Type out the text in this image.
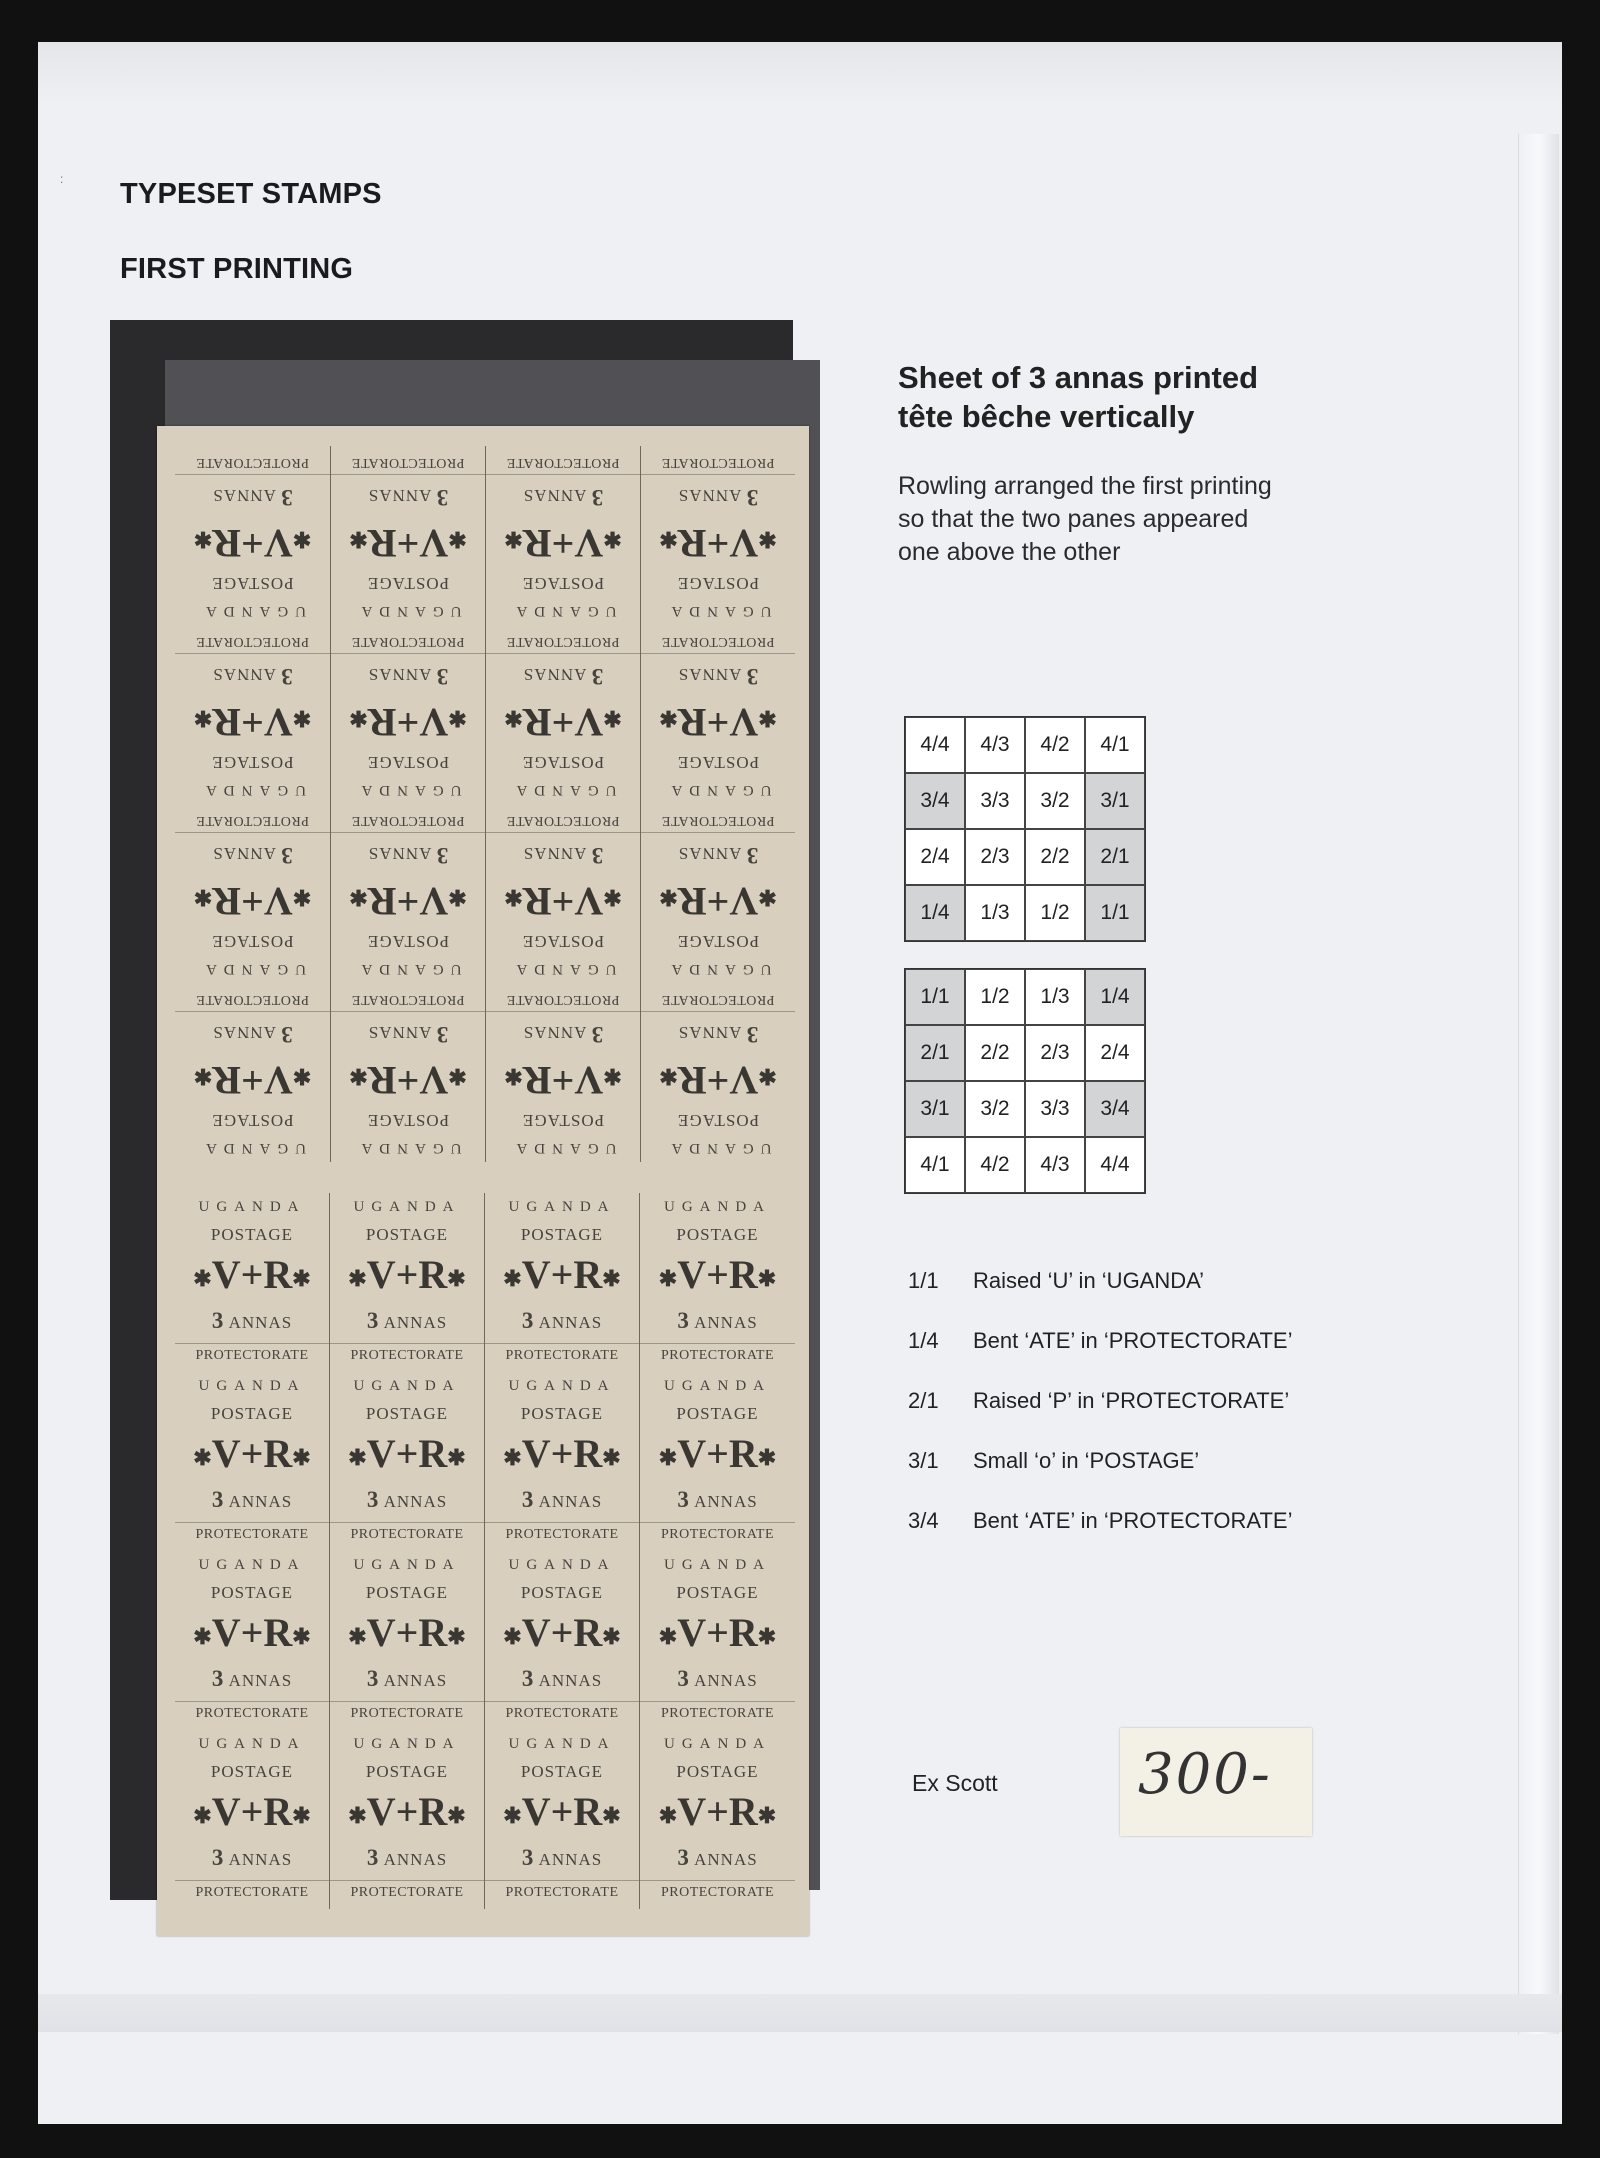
: TYPESET STAMPS
FIRST PRINTING
UGANDA
POSTAGE
✱V+R✱
3 ANNAS
PROTECTORATE
UGANDA
POSTAGE
✱V+R✱
3 ANNAS
PROTECTORATE
UGANDA
POSTAGE
✱V+R✱
3 ANNAS
PROTECTORATE
UGANDA
POSTAGE
✱V+R✱
3 ANNAS
PROTECTORATE
UGANDA
POSTAGE
✱V+R✱
3 ANNAS
PROTECTORATE
UGANDA
POSTAGE
✱V+R✱
3 ANNAS
PROTECTORATE
UGANDA
POSTAGE
✱V+R✱
3 ANNAS
PROTECTORATE
UGANDA
POSTAGE
✱V+R✱
3 ANNAS
PROTECTORATE
UGANDA
POSTAGE
✱V+R✱
3 ANNAS
PROTECTORATE
UGANDA
POSTAGE
✱V+R✱
3 ANNAS
PROTECTORATE
UGANDA
POSTAGE
✱V+R✱
3 ANNAS
PROTECTORATE
UGANDA
POSTAGE
✱V+R✱
3 ANNAS
PROTECTORATE
UGANDA
POSTAGE
✱V+R✱
3 ANNAS
PROTECTORATE
UGANDA
POSTAGE
✱V+R✱
3 ANNAS
PROTECTORATE
UGANDA
POSTAGE
✱V+R✱
3 ANNAS
PROTECTORATE
UGANDA
POSTAGE
✱V+R✱
3 ANNAS
PROTECTORATE
UGANDA
POSTAGE
✱V+R✱
3 ANNAS
PROTECTORATE
UGANDA
POSTAGE
✱V+R✱
3 ANNAS
PROTECTORATE
UGANDA
POSTAGE
✱V+R✱
3 ANNAS
PROTECTORATE
UGANDA
POSTAGE
✱V+R✱
3 ANNAS
PROTECTORATE
UGANDA
POSTAGE
✱V+R✱
3 ANNAS
PROTECTORATE
UGANDA
POSTAGE
✱V+R✱
3 ANNAS
PROTECTORATE
UGANDA
POSTAGE
✱V+R✱
3 ANNAS
PROTECTORATE
UGANDA
POSTAGE
✱V+R✱
3 ANNAS
PROTECTORATE
UGANDA
POSTAGE
✱V+R✱
3 ANNAS
PROTECTORATE
UGANDA
POSTAGE
✱V+R✱
3 ANNAS
PROTECTORATE
UGANDA
POSTAGE
✱V+R✱
3 ANNAS
PROTECTORATE
UGANDA
POSTAGE
✱V+R✱
3 ANNAS
PROTECTORATE
UGANDA
POSTAGE
✱V+R✱
3 ANNAS
PROTECTORATE
UGANDA
POSTAGE
✱V+R✱
3 ANNAS
PROTECTORATE
UGANDA
POSTAGE
✱V+R✱
3 ANNAS
PROTECTORATE
UGANDA
POSTAGE
✱V+R✱
3 ANNAS
PROTECTORATE
Sheet of 3 annas printed
tête bêche vertically
Rowling arranged the first printing
so that the two panes appeared
one above the other
4/4	4/3	4/2	4/1
3/4	3/3	3/2	3/1
2/4	2/3	2/2	2/1
1/4	1/3	1/2	1/1
1/1	1/2	1/3	1/4
2/1	2/2	2/3	2/4
3/1	3/2	3/3	3/4
4/1	4/2	4/3	4/4
1/1	Raised ‘U’ in ‘UGANDA’
1/4	Bent ‘ATE’ in ‘PROTECTORATE’
2/1	Raised ‘P’ in ‘PROTECTORATE’
3/1	Small ‘o’ in ‘POSTAGE’
3/4	Bent ‘ATE’ in ‘PROTECTORATE’
Ex Scott	300-
